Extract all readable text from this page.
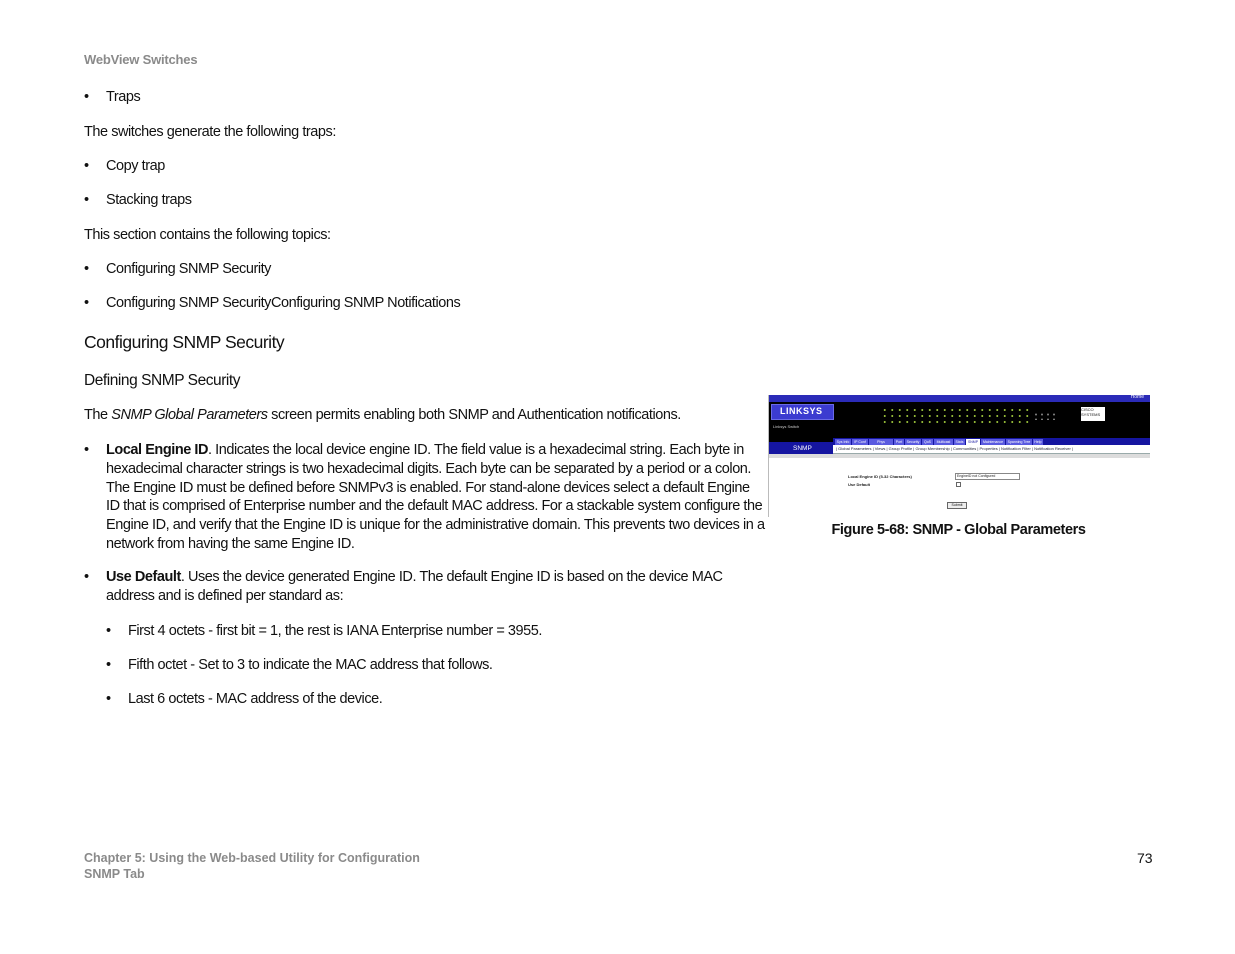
WebView Switches
• Traps
The switches generate the following traps:
• Copy trap
• Stacking traps
This section contains the following topics:
• Configuring SNMP Security
• Configuring SNMP SecurityConfiguring SNMP Notifications
Configuring SNMP Security
Defining SNMP Security
The SNMP Global Parameters screen permits enabling both SNMP and Authentication notifications.
• Local Engine ID. Indicates the local device engine ID. The field value is a hexadecimal string. Each byte in hexadecimal character strings is two hexadecimal digits. Each byte can be separated by a period or a colon. The Engine ID must be defined before SNMPv3 is enabled. For stand-alone devices select a default Engine ID that is comprised of Enterprise number and the default MAC address. For a stackable system configure the Engine ID, and verify that the Engine ID is unique for the administrative domain. This prevents two devices in a network from having the same Engine ID.
• Use Default. Uses the device generated Engine ID. The default Engine ID is based on the device MAC address and is defined per standard as:
• First 4 octets - first bit = 1, the rest is IANA Enterprise number = 3955.
• Fifth octet - Set to 3 to indicate the MAC address that follows.
• Last 6 octets - MAC address of the device.
Home
LINKSYS
Linksys Switch
CISCO SYSTEMS
Sys Info	IP Conf	Phys	Port	Security	QoS	Multicast	Stats	SNMP	Maintenance	Spanning Tree	Help
SNMP	| Global Parameters | Views | Group Profile | Group Membership | Communities | Properties | Notification Filter | Notification Receiver |
Local Engine ID (5-32 Characters)	EngineID not Configured
Use Default
Submit
Figure 5-68: SNMP - Global Parameters
Chapter 5: Using the Web-based Utility for Configuration
SNMP Tab
73
